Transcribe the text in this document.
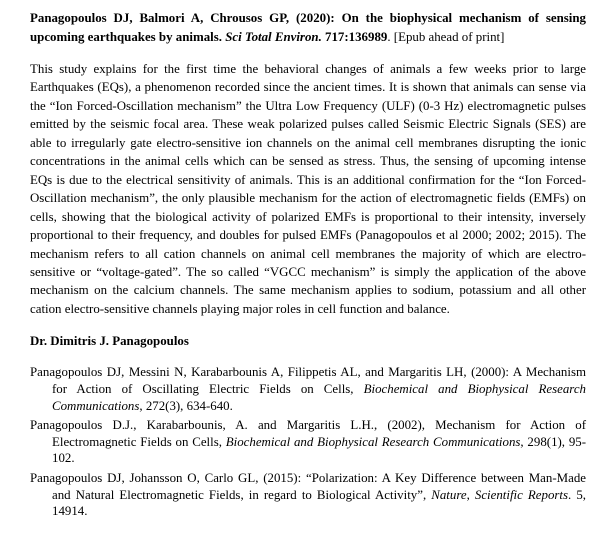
Panagopoulos DJ, Balmori A, Chrousos GP, (2020): On the biophysical mechanism of sensing upcoming earthquakes by animals. Sci Total Environ. 717:136989. [Epub ahead of print]

This study explains for the first time the behavioral changes of animals a few weeks prior to large Earthquakes (EQs), a phenomenon recorded since the ancient times. It is shown that animals can sense via the “Ion Forced-Oscillation mechanism” the Ultra Low Frequency (ULF) (0-3 Hz) electromagnetic pulses emitted by the seismic focal area. These weak polarized pulses called Seismic Electric Signals (SES) are able to irregularly gate electro-sensitive ion channels on the animal cell membranes disrupting the ionic concentrations in the animal cells which can be sensed as stress. Thus, the sensing of upcoming intense EQs is due to the electrical sensitivity of animals. This is an additional confirmation for the “Ion Forced-Oscillation mechanism”, the only plausible mechanism for the action of electromagnetic fields (EMFs) on cells, showing that the biological activity of polarized EMFs is proportional to their intensity, inversely proportional to their frequency, and doubles for pulsed EMFs (Panagopoulos et al 2000; 2002; 2015). The mechanism refers to all cation channels on animal cell membranes the majority of which are electro-sensitive or “voltage-gated”. The so called “VGCC mechanism” is simply the application of the above mechanism on the calcium channels. The same mechanism applies to sodium, potassium and all other cation electro-sensitive channels playing major roles in cell function and balance.

Dr. Dimitris J. Panagopoulos

Panagopoulos DJ, Messini N, Karabarbounis A, Filippetis AL, and Margaritis LH, (2000): A Mechanism for Action of Oscillating Electric Fields on Cells, Biochemical and Biophysical Research Communications, 272(3), 634-640.
Panagopoulos D.J., Karabarbounis, A. and Margaritis L.H., (2002), Mechanism for Action of Electromagnetic Fields on Cells, Biochemical and Biophysical Research Communications, 298(1), 95-102.
Panagopoulos DJ, Johansson O, Carlo GL, (2015): “Polarization: A Key Difference between Man-Made and Natural Electromagnetic Fields, in regard to Biological Activity”, Nature, Scientific Reports. 5, 14914.
